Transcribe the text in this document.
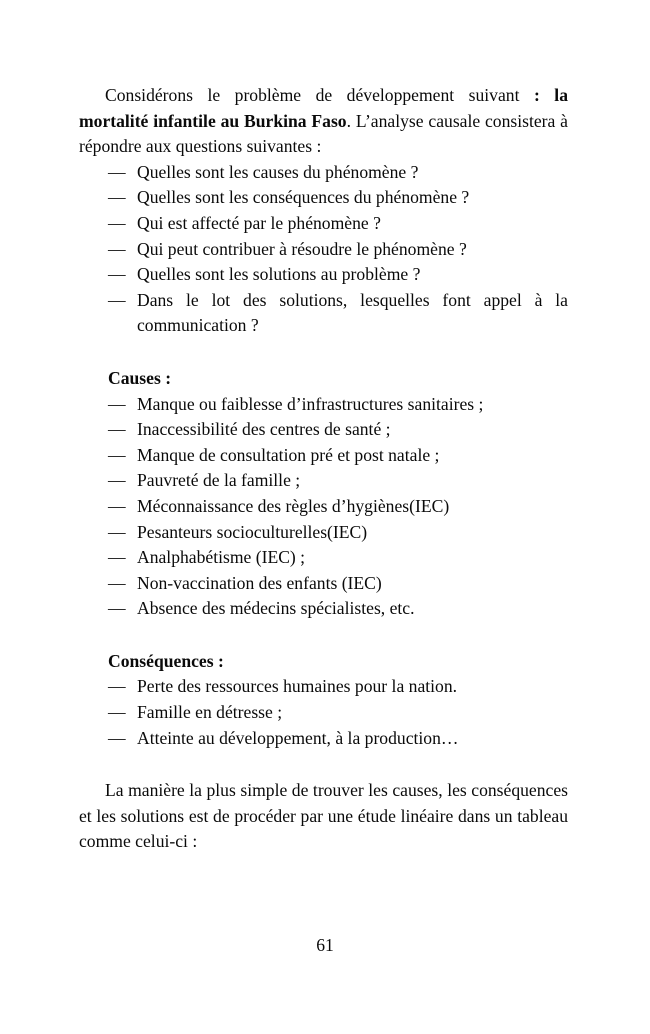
Considérons le problème de développement suivant : la mortalité infantile au Burkina Faso. L’analyse causale consistera à répondre aux questions suivantes :

— Quelles sont les causes du phénomène ?
— Quelles sont les conséquences du phénomène ?
— Qui est affecté par le phénomène ?
— Qui peut contribuer à résoudre le phénomène ?
— Quelles sont les solutions au problème ?
— Dans le lot des solutions, lesquelles font appel à la communication ?
Causes :
— Manque ou faiblesse d’infrastructures sanitaires ;
— Inaccessibilité des centres de santé ;
— Manque de consultation pré et post natale ;
— Pauvreté de la famille ;
— Méconnaissance des règles d’hygiènes(IEC)
— Pesanteurs socioculturelles(IEC)
— Analphabétisme (IEC) ;
— Non-vaccination des enfants (IEC)
— Absence des médecins spécialistes, etc.
Conséquences :
— Perte des ressources humaines pour la nation.
— Famille en détresse ;
— Atteinte au développement, à la production…

La manière la plus simple de trouver les causes, les conséquences et les solutions est de procéder par une étude linéaire dans un tableau comme celui-ci :

61
